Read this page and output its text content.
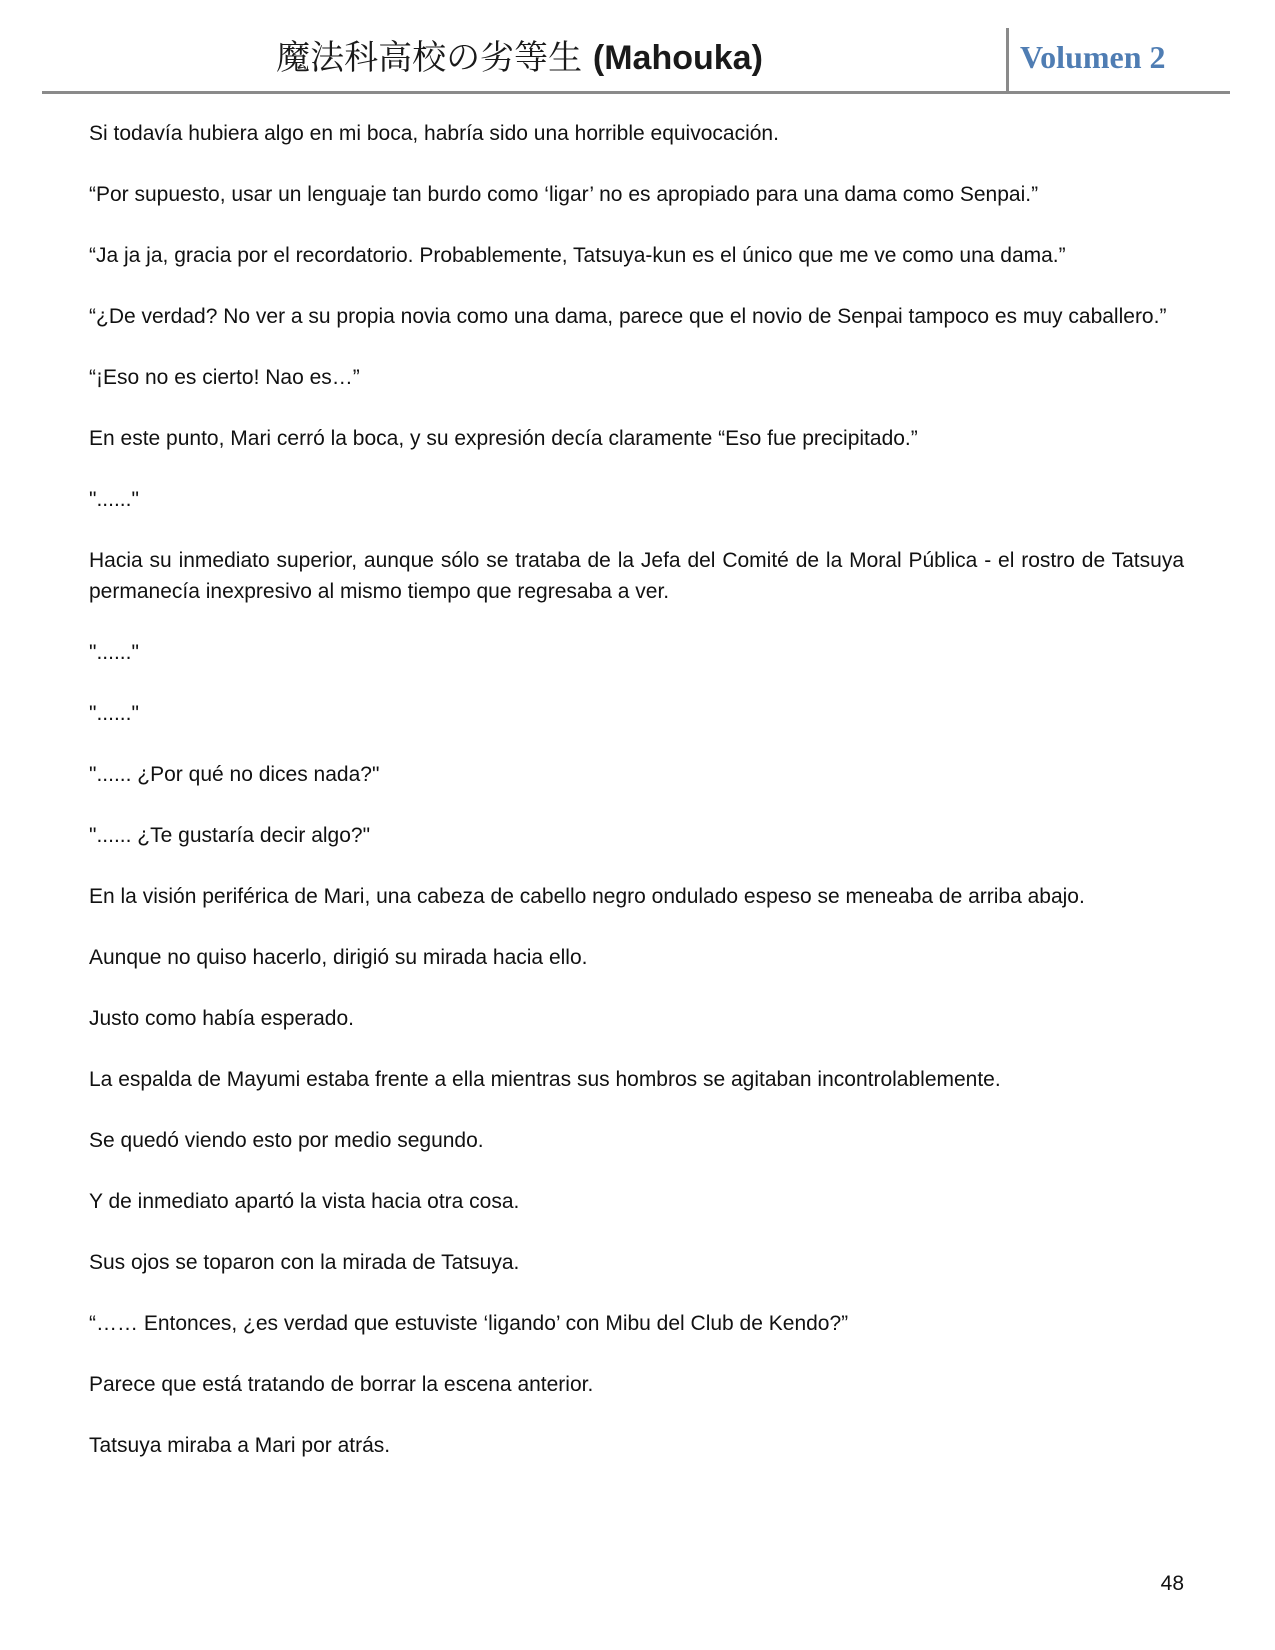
魔法科高校の劣等生 (Mahouka)	Volumen 2

Si todavía hubiera algo en mi boca, habría sido una horrible equivocación.

“Por supuesto, usar un lenguaje tan burdo como ‘ligar’ no es apropiado para una dama como Senpai.”

“Ja ja ja, gracia por el recordatorio. Probablemente, Tatsuya-kun es el único que me ve como una dama.”

“¿De verdad? No ver a su propia novia como una dama, parece que el novio de Senpai tampoco es muy caballero.”

“¡Eso no es cierto! Nao es…”

En este punto, Mari cerró la boca, y su expresión decía claramente “Eso fue precipitado.”

"......"

Hacia su inmediato superior, aunque sólo se trataba de la Jefa del Comité de la Moral Pública - el rostro de Tatsuya permanecía inexpresivo al mismo tiempo que regresaba a ver.

"......"

"......"

"...... ¿Por qué no dices nada?"

"...... ¿Te gustaría decir algo?"

En la visión periférica de Mari, una cabeza de cabello negro ondulado espeso se meneaba de arriba abajo.

Aunque no quiso hacerlo, dirigió su mirada hacia ello.

Justo como había esperado.

La espalda de Mayumi estaba frente a ella mientras sus hombros se agitaban incontrolablemente.

Se quedó viendo esto por medio segundo.

Y de inmediato apartó la vista hacia otra cosa.

Sus ojos se toparon con la mirada de Tatsuya.

“…… Entonces, ¿es verdad que estuviste ‘ligando’ con Mibu del Club de Kendo?”

Parece que está tratando de borrar la escena anterior.

Tatsuya miraba a Mari por atrás.

48
